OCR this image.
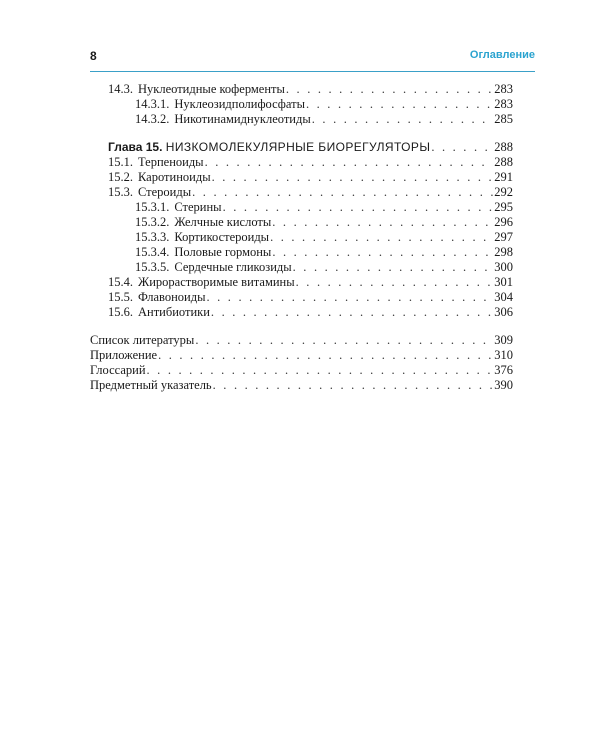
8	Оглавление
14.3. Нуклеотидные коферменты . . .	283
14.3.1. Нуклеозидполифосфаты . . .	283
14.3.2. Никотинамиднуклеотиды . . .	285
Глава 15. НИЗКОМОЛЕКУЛЯРНЫЕ БИОРЕГУЛЯТОРЫ . . .	288
15.1. Терпеноиды . . .	288
15.2. Каротиноиды . . .	291
15.3. Стероиды . . .	292
15.3.1. Стерины . . .	295
15.3.2. Желчные кислоты . . .	296
15.3.3. Кортикостероиды . . .	297
15.3.4. Половые гормоны . . .	298
15.3.5. Сердечные гликозиды . . .	300
15.4. Жирорастворимые витамины . . .	301
15.5. Флавоноиды . . .	304
15.6. Антибиотики . . .	306
Список литературы . . .	309
Приложение . . .	310
Глоссарий . . .	376
Предметный указатель . . .	390
